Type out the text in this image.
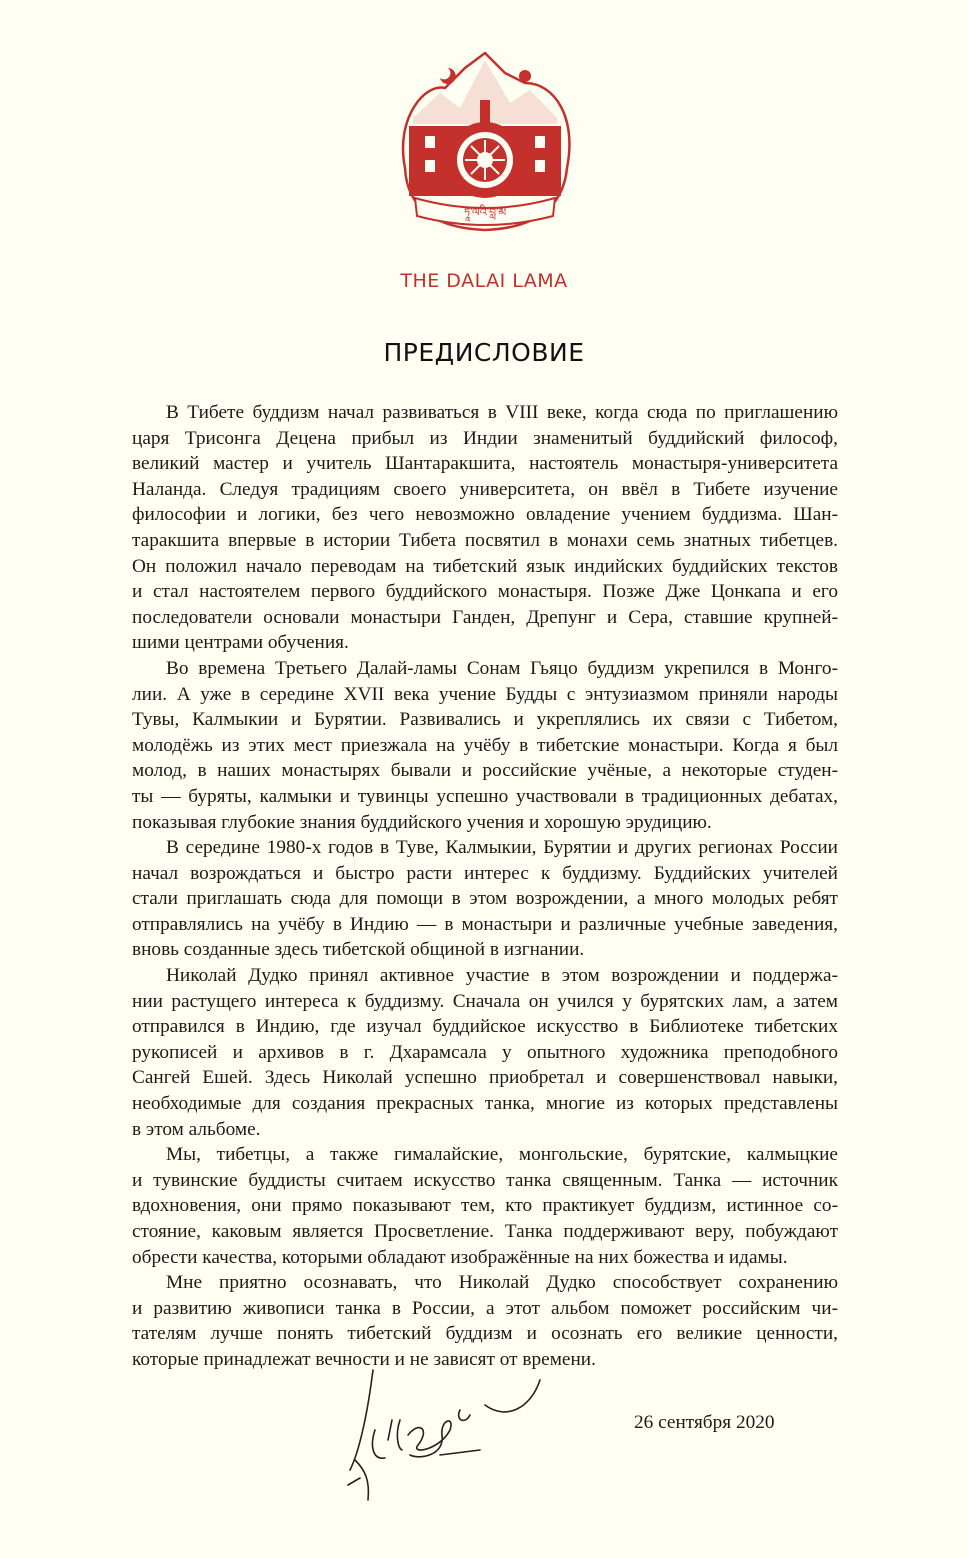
ཏཱ་ལའི་བླ་མ
THE DALAI LAMA
ПРЕДИСЛОВИЕ

В Тибете буддизм начал развиваться в VIII веке, когда сюда по приглашению
царя Трисонга Децена прибыл из Индии знаменитый буддийский философ,
великий мастер и учитель Шантаракшита, настоятель монастыря-университета
Наланда. Следуя традициям своего университета, он ввёл в Тибете изучение
философии и логики, без чего невозможно овладение учением буддизма. Шан-
таракшита впервые в истории Тибета посвятил в монахи семь знатных тибетцев.
Он положил начало переводам на тибетский язык индийских буддийских текстов
и стал настоятелем первого буддийского монастыря. Позже Дже Цонкапа и его
последователи основали монастыри Ганден, Дрепунг и Сера, ставшие крупней-
шими центрами обучения.

Во времена Третьего Далай-ламы Сонам Гьяцо буддизм укрепился в Монго-
лии. А уже в середине XVII века учение Будды с энтузиазмом приняли народы
Тувы, Калмыкии и Бурятии. Развивались и укреплялись их связи с Тибетом,
молодёжь из этих мест приезжала на учёбу в тибетские монастыри. Когда я был
молод, в наших монастырях бывали и российские учёные, а некоторые студен-
ты — буряты, калмыки и тувинцы успешно участвовали в традиционных дебатах,
показывая глубокие знания буддийского учения и хорошую эрудицию.

В середине 1980-х годов в Туве, Калмыкии, Бурятии и других регионах России
начал возрождаться и быстро расти интерес к буддизму. Буддийских учителей
стали приглашать сюда для помощи в этом возрождении, а много молодых ребят
отправлялись на учёбу в Индию — в монастыри и различные учебные заведения,
вновь созданные здесь тибетской общиной в изгнании.

Николай Дудко принял активное участие в этом возрождении и поддержа-
нии растущего интереса к буддизму. Сначала он учился у бурятских лам, а затем
отправился в Индию, где изучал буддийское искусство в Библиотеке тибетских
рукописей и архивов в г. Дхарамсала у опытного художника преподобного
Сангей Ешей. Здесь Николай успешно приобретал и совершенствовал навыки,
необходимые для создания прекрасных танка, многие из которых представлены
в этом альбоме.

Мы, тибетцы, а также гималайские, монгольские, бурятские, калмыцкие
и тувинские буддисты считаем искусство танка священным. Танка — источник
вдохновения, они прямо показывают тем, кто практикует буддизм, истинное со-
стояние, каковым является Просветление. Танка поддерживают веру, побуждают
обрести качества, которыми обладают изображённые на них божества и идамы.

Мне приятно осознавать, что Николай Дудко способствует сохранению
и развитию живописи танка в России, а этот альбом поможет российским чи-
тателям лучше понять тибетский буддизм и осознать его великие ценности,
которые принадлежат вечности и не зависят от времени.

26 сентября 2020
